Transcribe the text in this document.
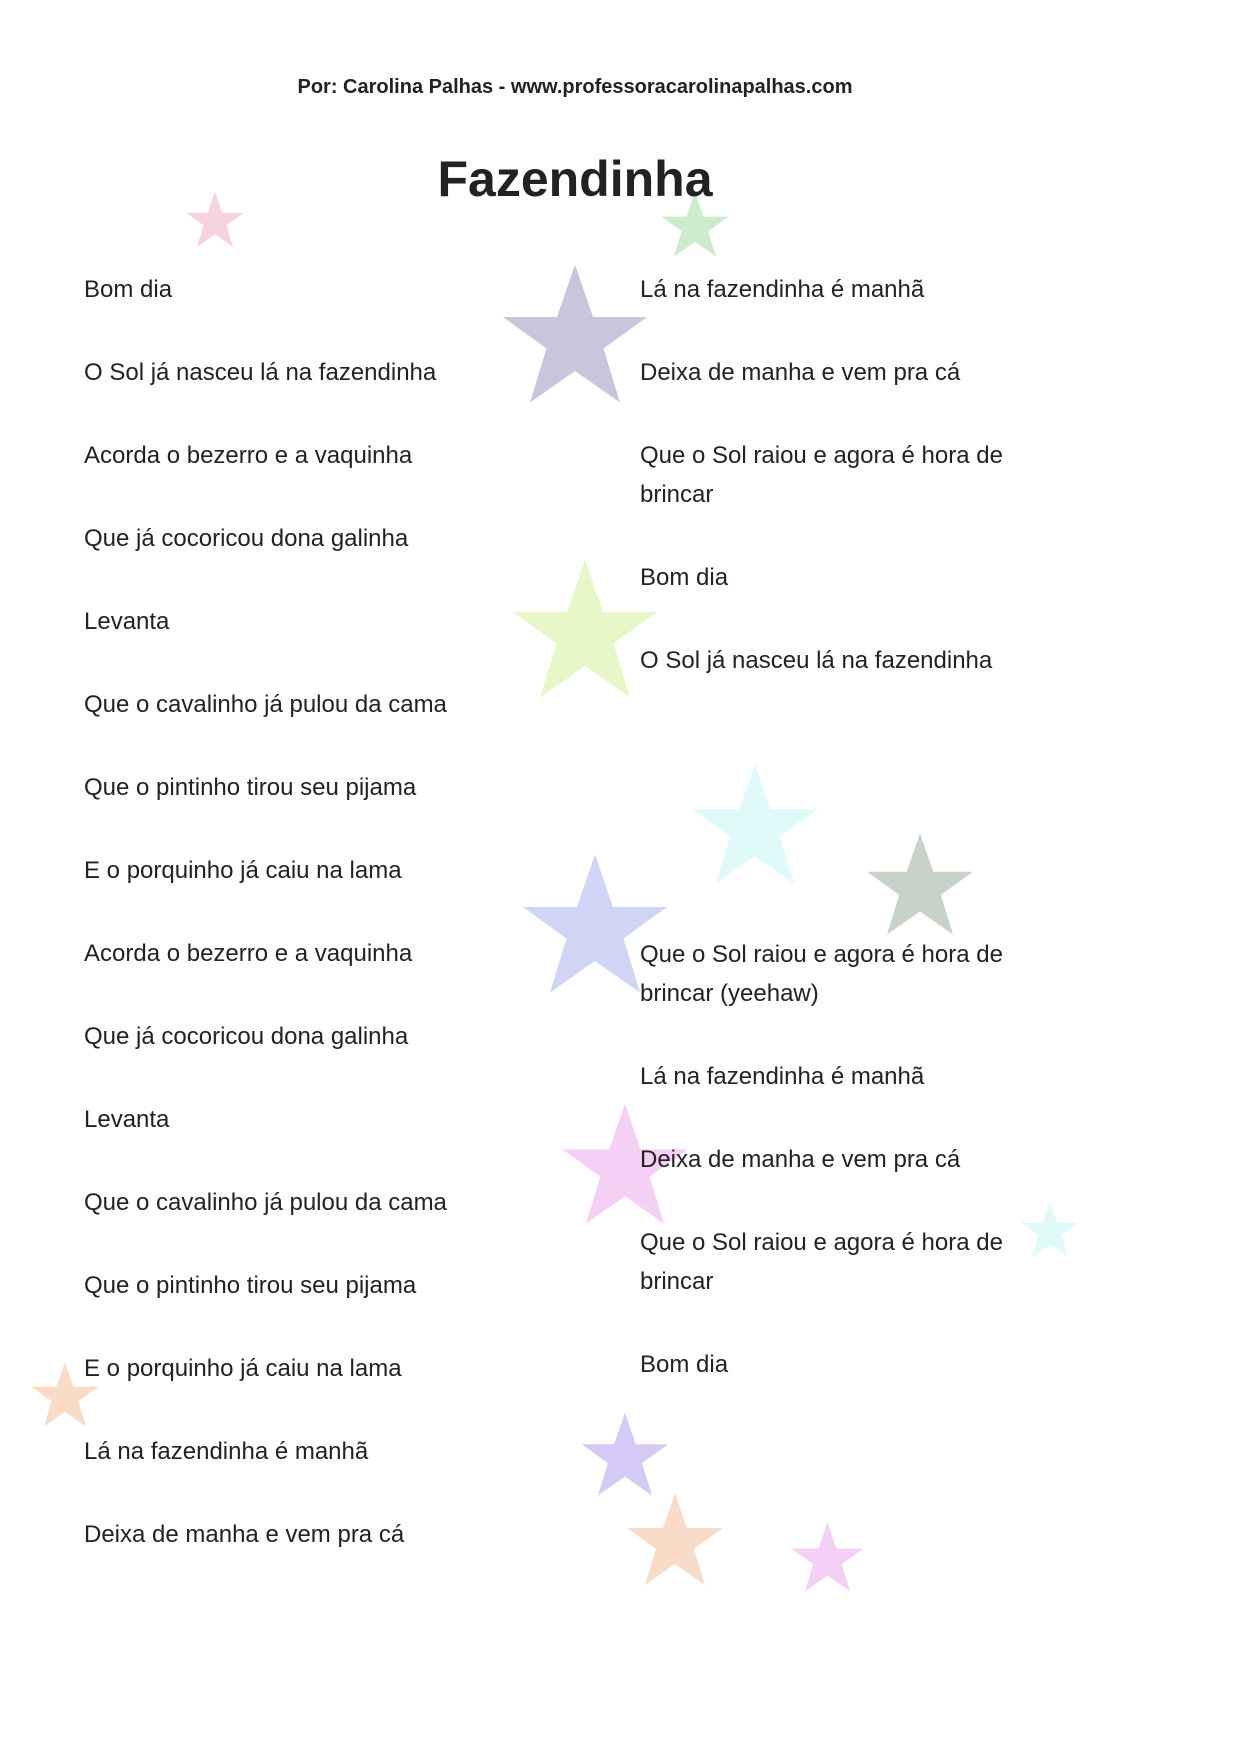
Por: Carolina Palhas - www.professoracarolinapalhas.com
Fazendinha
Bom dia
O Sol já nasceu lá na fazendinha
Acorda o bezerro e a vaquinha
Que já cocoricou dona galinha
Levanta
Que o cavalinho já pulou da cama
Que o pintinho tirou seu pijama
E o porquinho já caiu na lama
Acorda o bezerro e a vaquinha
Que já cocoricou dona galinha
Levanta
Que o cavalinho já pulou da cama
Que o pintinho tirou seu pijama
E o porquinho já caiu na lama
Lá na fazendinha é manhã
Deixa de manha e vem pra cá
Lá na fazendinha é manhã
Deixa de manha e vem pra cá
Que o Sol raiou e agora é hora de brincar
Bom dia
O Sol já nasceu lá na fazendinha
Que o Sol raiou e agora é hora de brincar (yeehaw)
Lá na fazendinha é manhã
Deixa de manha e vem pra cá
Que o Sol raiou e agora é hora de brincar
Bom dia
